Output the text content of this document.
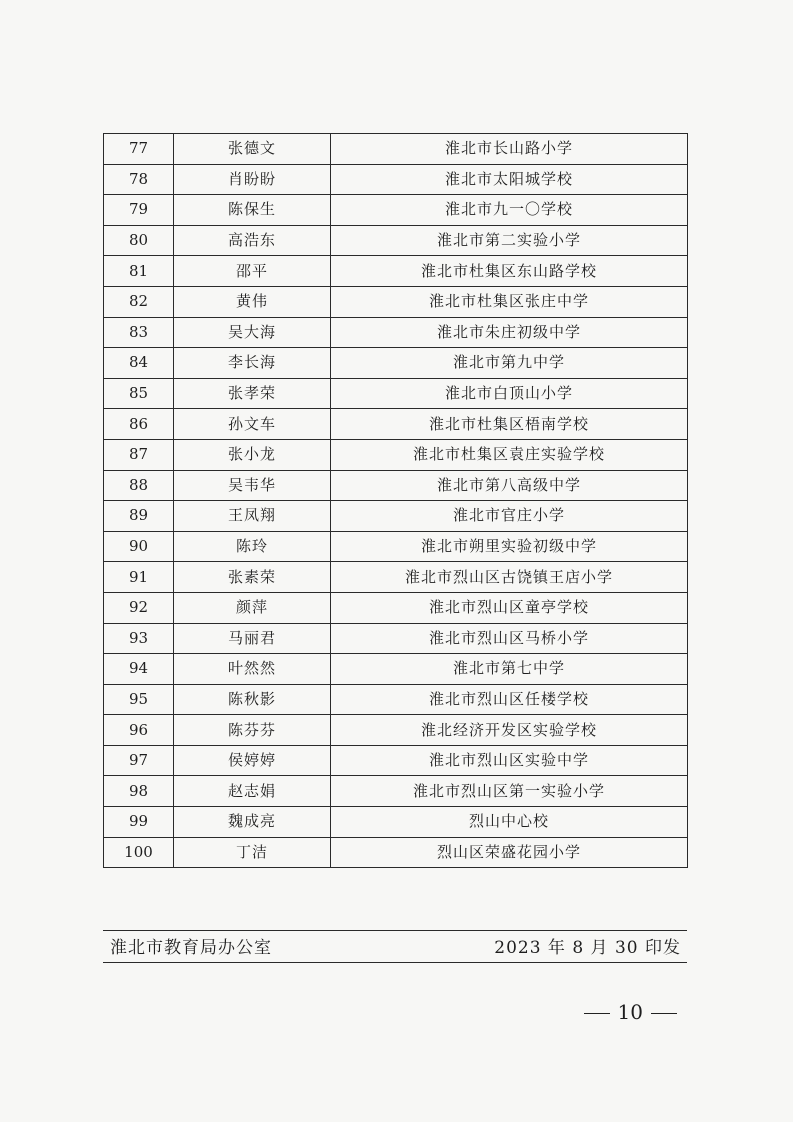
77	张德文	淮北市长山路小学
78	肖盼盼	淮北市太阳城学校
79	陈保生	淮北市九一〇学校
80	高浩东	淮北市第二实验小学
81	邵平	淮北市杜集区东山路学校
82	黄伟	淮北市杜集区张庄中学
83	吴大海	淮北市朱庄初级中学
84	李长海	淮北市第九中学
85	张孝荣	淮北市白顶山小学
86	孙文车	淮北市杜集区梧南学校
87	张小龙	淮北市杜集区袁庄实验学校
88	吴韦华	淮北市第八高级中学
89	王凤翔	淮北市官庄小学
90	陈玲	淮北市朔里实验初级中学
91	张素荣	淮北市烈山区古饶镇王店小学
92	颜萍	淮北市烈山区童亭学校
93	马丽君	淮北市烈山区马桥小学
94	叶然然	淮北市第七中学
95	陈秋影	淮北市烈山区任楼学校
96	陈芬芬	淮北经济开发区实验学校
97	侯婷婷	淮北市烈山区实验中学
98	赵志娟	淮北市烈山区第一实验小学
99	魏成亮	烈山中心校
100	丁洁	烈山区荣盛花园小学
淮北市教育局办公室	2023 年 8 月 30 印发
10
